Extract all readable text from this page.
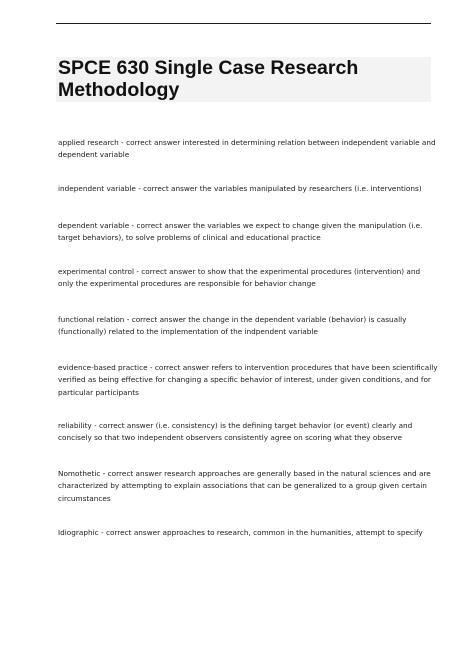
SPCE 630 Single Case Research
Methodology

applied research - correct answer interested in determining relation between independent variable and
dependent variable

independent variable - correct answer the variables manipulated by researchers (i.e. interventions)

dependent variable - correct answer the variables we expect to change given the manipulation (i.e.
target behaviors), to solve problems of clinical and educational practice

experimental control - correct answer to show that the experimental procedures (intervention) and
only the experimental procedures are responsible for behavior change

functional relation - correct answer the change in the dependent variable (behavior) is casually
(functionally) related to the implementation of the indpendent variable

evidence-based practice - correct answer refers to intervention procedures that have been scientifically
verified as being effective for changing a specific behavior of interest, under given conditions, and for
particular participants

reliability - correct answer (i.e. consistency) is the defining target behavior (or event) clearly and
concisely so that two independent observers consistently agree on scoring what they observe

Nomothetic - correct answer research approaches are generally based in the natural sciences and are
characterized by attempting to explain associations that can be generalized to a group given certain
circumstances

Idiographic - correct answer approaches to research, common in the humanities, attempt to specify
